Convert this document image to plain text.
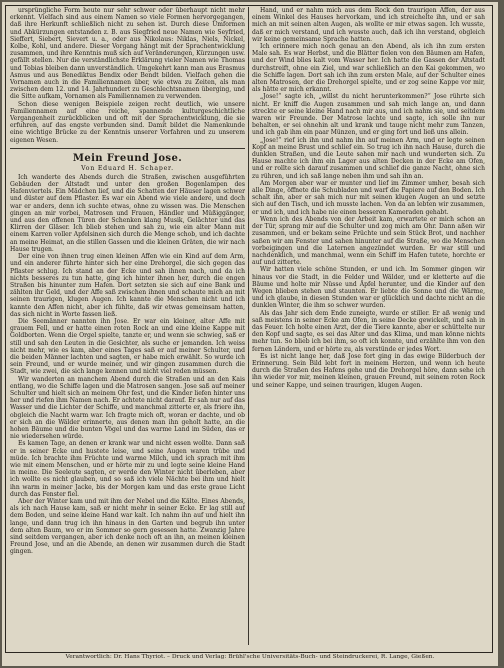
ursprüngliche Form heute nur sehr schwer oder überhaupt nicht mehr erkennt. Vielfach sind aus einem Namen so viele Formen hervorgegangen, daß ihre Herkunft schließlich nicht zu sehen ist. Durch diese Umformen und Abkürzungen entstanden z. B. aus Siegfried neue Namen wie Seyfried, Sieffert, Siebert, Sievert u. a., oder aus Nikolaus: Niklas, Niels, Nickel, Kolbe, Kohl, und andere. Dieser Vorgang hängt mit der Sprachentwicklung zusammen, und ihre Kenntnis muß sich auf Veränderungen, Kürzungen usw. gefällt stellen. Nur die verständlichste Erklärung vieler Namen wie Thomas und Tobias bleiben dann unverständlich. Umgekehrt kann man aus Erasmus Asmus und aus Benediktus Bendix oder Bendt bilden. Vielfach gehen die Vornamen auch in die Familiennamen über, wie etwa zu Zeiten, als man zwischen dem 12. und 14. Jahrhundert zu Geschlechtsnamen überging, und die Sitte aufkam, Vornamen als Familiennamen zu verwenden.

Schon diese wenigen Beispiele zeigen recht deutlich, wie unsere Familiennamen auf eine reiche, spannende kulturgeschichtliche Vergangenheit zurückblicken und oft mit der Sprachentwicklung, die sie erfuhren, auf das engste verbunden sind. Damit bildet die Namenkunde eine wichtige Brücke zu der Kenntnis unserer Vorfahren und zu unserem eigenen Wesen.

Mein Freund Jose.
Von Eduard H. Schaper.

Ich wanderte des Abends durch die Straßen, zwischen ausgeführten Gebäuden der Altstadt und unter den großen Bogenlampen des Hafenviertels. Ein Mädchen lief, und die Schatten der Häuser lagen schwer und düster auf dem Pflaster. Es war ein Abend wie viele andere, und doch war er anders, denn ich suchte etwas, ohne zu wissen was. Die Menschen gingen an mir vorbei, Matrosen und Frauen, Händler und Müßiggänger, und aus den offenen Türen der Schenken klang Musik, Gelächter und das Klirren der Gläser. Ich blieb stehen und sah zu, wie ein alter Mann mit einem Karren voller Apfelsinen sich durch die Menge schob, und ich dachte an meine Heimat, an die stillen Gassen und die kleinen Gräten, die wir nach Hause trugen.

Der eine von ihnen trug einen kleinen Affen wie ein Kind auf dem Arm, und ein anderer führte hinter sich her eine Drehorgel, die sich gegen das Pflaster schlug. Ich stand an der Ecke und sah ihnen nach, und da ich nichts besseres zu tun hatte, ging ich hinter ihnen her, durch die engen Straßen bis hinunter zum Hafen. Dort setzten sie sich auf eine Bank und zählten ihr Geld, und der Affe saß zwischen ihnen und schaute mich an mit seinen traurigen, klugen Augen. Ich kannte die Menschen nicht und ich kannte den Affen nicht, aber ich fühlte, daß wir etwas gemeinsam hatten, das sich nicht in Worte fassen ließ.

Die Seemänner nannten ihn Jose. Er war ein kleiner, alter Affe mit grauem Fell, und er hatte einen roten Rock an und eine kleine Kappe mit Goldborten. Wenn die Orgel spielte, tanzte er, und wenn sie schwieg, saß er still und sah den Leuten in die Gesichter, als suche er jemanden. Ich weiss nicht mehr, wie es kam, aber eines Tages saß er auf meiner Schulter, und die beiden Männer lachten und sagten, er habe mich erwählt. So wurde ich sein Freund, und er wurde meiner, und wir gingen zusammen durch die Stadt, wie zwei, die sich lange kennen und nicht viel reden müssen.

Wir wanderten an manchem Abend durch die Straßen und an den Kais entlang, wo die Schiffe lagen und die Matrosen sangen. Jose saß auf meiner Schulter und hielt sich an meinem Ohr fest, und die Kinder liefen hinter uns her und riefen ihm Namen nach. Er achtete nicht darauf. Er sah nur auf das Wasser und die Lichter der Schiffe, und manchmal zitterte er, als friere ihn, obgleich die Nacht warm war. Ich fragte mich oft, woran er dachte, und ob er sich an die Wälder erinnerte, aus denen man ihn geholt hatte, an die hohen Bäume und die bunten Vögel und das warme Land im Süden, das er nie wiedersehen würde.

Es kamen Tage, an denen er krank war und nicht essen wollte. Dann saß er in seiner Ecke und hustete leise, und seine Augen waren trübe und müde. Ich brachte ihm Früchte und warme Milch, und ich sprach mit ihm wie mit einem Menschen, und er hörte mir zu und legte seine kleine Hand in meine. Die Seeleute sagten, er werde den Winter nicht überleben, aber ich wollte es nicht glauben, und so saß ich viele Nächte bei ihm und hielt ihn warm in meiner Jacke, bis der Morgen kam und das erste graue Licht durch das Fenster fiel.

Aber der Winter kam und mit ihm der Nebel und die Kälte. Eines Abends, als ich nach Hause kam, saß er nicht mehr in seiner Ecke. Er lag still auf dem Boden, und seine kleine Hand war kalt. Ich nahm ihn auf und hielt ihn lange, und dann trug ich ihn hinaus in den Garten und begrub ihn unter dem alten Baum, wo er im Sommer so gern gesessen hatte. Zwanzig Jahre sind seitdem vergangen, aber ich denke noch oft an ihn, an meinen kleinen Freund Jose, und an die Abende, an denen wir zusammen durch die Stadt gingen.

Hand, und er nahm mich aus dem Rock den traurigen Affen, der aus einem Winkel des Hauses hervorkam, und ich streichelte ihn, und er sah mich an mit seinen alten Augen, als wollte er mir etwas sagen. Ich wusste, daß er mich verstand, und ich wusste auch, daß ich ihn verstand, obgleich wir keine gemeinsame Sprache hatten.

Ich erinnere mich noch genau an den Abend, als ich ihn zum ersten Male sah. Es war Herbst, und die Blätter fielen von den Bäumen am Hafen, und der Wind blies kalt vom Wasser her. Ich hatte die Gassen der Altstadt durchstreift, ohne ein Ziel, und war schließlich an den Kai gekommen, wo die Schiffe lagen. Dort sah ich ihn zum ersten Male, auf der Schulter eines alten Matrosen, der die Drehorgel spielte, und er zog seine Kappe vor mir, als hätte er mich erkannt.

„Jose!“ sagte ich, „willst du nicht herunterkommen?“ Jose rührte sich nicht. Er kniff die Augen zusammen und sah mich lange an, und dann streckte er seine kleine Hand nach mir aus, und ich nahm sie, und seitdem waren wir Freunde. Der Matrose lachte und sagte, ich solle ihn nur behalten, er sei ohnehin alt und krank und tauge nicht mehr zum Tanzen, und ich gab ihm ein paar Münzen, und er ging fort und ließ uns allein.

„Jose!“ rief ich ihn und nahm ihn auf meinen Arm, und er legte seinen Kopf an meine Brust und schlief ein. So trug ich ihn nach Hause, durch die dunklen Straßen, und die Leute sahen mir nach und wunderten sich. Zu Hause machte ich ihm ein Lager aus alten Decken in der Ecke am Ofen, und er rollte sich darauf zusammen und schlief die ganze Nacht, ohne sich zu rühren, und ich saß lange neben ihm und sah ihn an.

Am Morgen aber war er munter und lief im Zimmer umher, besah sich alle Dinge, öffnete die Schubladen und warf die Papiere auf den Boden. Ich schalt ihn, aber er sah mich nur mit seinen klugen Augen an und setzte sich auf den Tisch, und ich musste lachen. Von da an lebten wir zusammen, er und ich, und ich habe nie einen besseren Kameraden gehabt.

Wenn ich des Abends von der Arbeit kam, erwartete er mich schon an der Tür, sprang mir auf die Schulter und zog mich am Ohr. Dann aßen wir zusammen, und er bekam seine Früchte und sein Stück Brot, und nachher saßen wir am Fenster und sahen hinunter auf die Straße, wo die Menschen vorbeigingen und die Laternen angezündet wurden. Er war still und nachdenklich, und manchmal, wenn ein Schiff im Hafen tutete, horchte er auf und zitterte.

Wir hatten viele schöne Stunden, er und ich. Im Sommer gingen wir hinaus vor die Stadt, in die Felder und Wälder, und er kletterte auf die Bäume und holte mir Nüsse und Äpfel herunter, und die Kinder auf den Wegen blieben stehen und staunten. Er liebte die Sonne und die Wärme, und ich glaube, in diesen Stunden war er glücklich und dachte nicht an die dunklen Winter, die ihm so schwer wurden.

Als das Jahr sich dem Ende zuneigte, wurde er stiller. Er aß wenig und saß meistens in seiner Ecke am Ofen, in seine Decke gewickelt, und sah in das Feuer. Ich holte einen Arzt, der die Tiere kannte, aber er schüttelte nur den Kopf und sagte, es sei das Alter und das Klima, und man könne nichts mehr tun. So blieb ich bei ihm, so oft ich konnte, und erzählte ihm von den fernen Ländern, und er hörte zu, als verstünde er jedes Wort.

Es ist nicht lange her, daß Jose fort ging in das ewige Bilderbuch der Erinnerung. Sein Bild lebt fort in meinem Herzen, und wenn ich heute durch die Straßen des Hafens gehe und die Drehorgel höre, dann sehe ich ihn wieder vor mir, meinen kleinen, grauen Freund, mit seinem roten Rock und seiner Kappe, und seinen traurigen, klugen Augen.

Verantwortlich: Dr. Hans Thyriot. – Druck und Verlag: Brühl'sche Universitäts-Buch- und Steindruckerei, R. Lange, Gießen.
